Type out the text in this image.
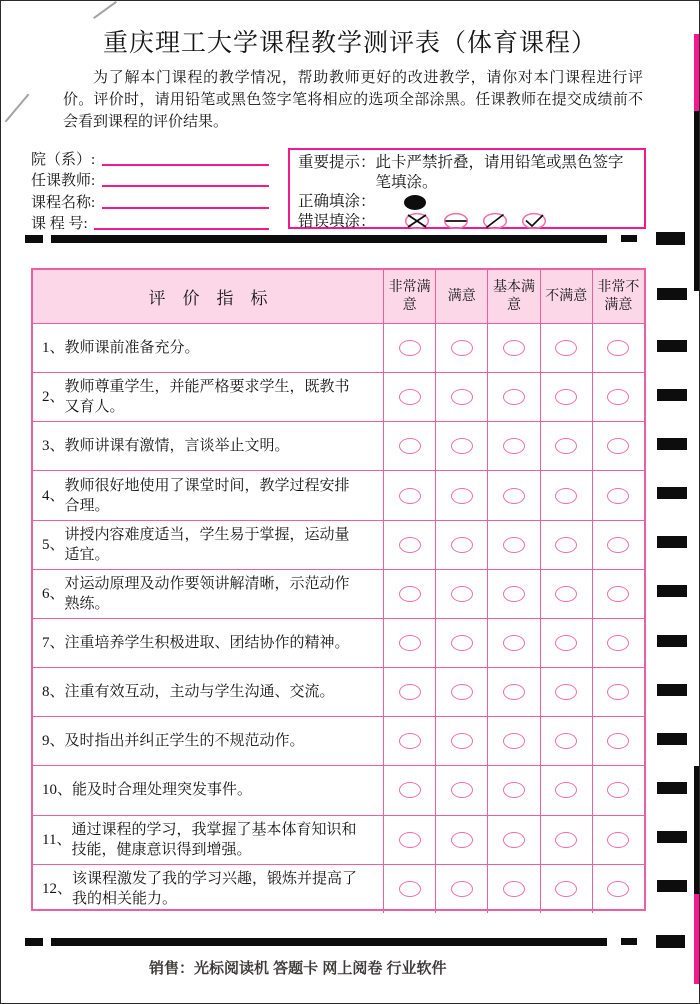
重庆理工大学课程教学测评表（体育课程）

为了解本门课程的教学情况，帮助教师更好的改进教学，请你对本门课程进行评价。评价时，请用铅笔或黑色签字笔将相应的选项全部涂黑。任课教师在提交成绩前不会看到课程的评价结果。

院（系）:
任课教师:
课程名称:
课 程 号:
重要提示： 此卡严禁折叠，请用铅笔或黑色签字笔填涂。
正确填涂：
错误填涂：
评　价　指　标
非常满意
满意
基本满意
不满意
非常不满意
1、 教师课前准备充分。
2、
教师尊重学生，并能严格要求学生，既教书又育人。
3、 教师讲课有激情，言谈举止文明。
4、
教师很好地使用了课堂时间，教学过程安排合理。
5、
讲授内容难度适当，学生易于掌握，运动量适宜。
6、
对运动原理及动作要领讲解清晰，示范动作熟练。
7、 注重培养学生积极进取、团结协作的精神。
8、 注重有效互动，主动与学生沟通、交流。
9、 及时指出并纠正学生的不规范动作。
10、 能及时合理处理突发事件。
11、
通过课程的学习，我掌握了基本体育知识和技能，健康意识得到增强。
12、
该课程激发了我的学习兴趣，锻炼并提高了我的相关能力。
销售：光标阅读机 答题卡 网上阅卷 行业软件
